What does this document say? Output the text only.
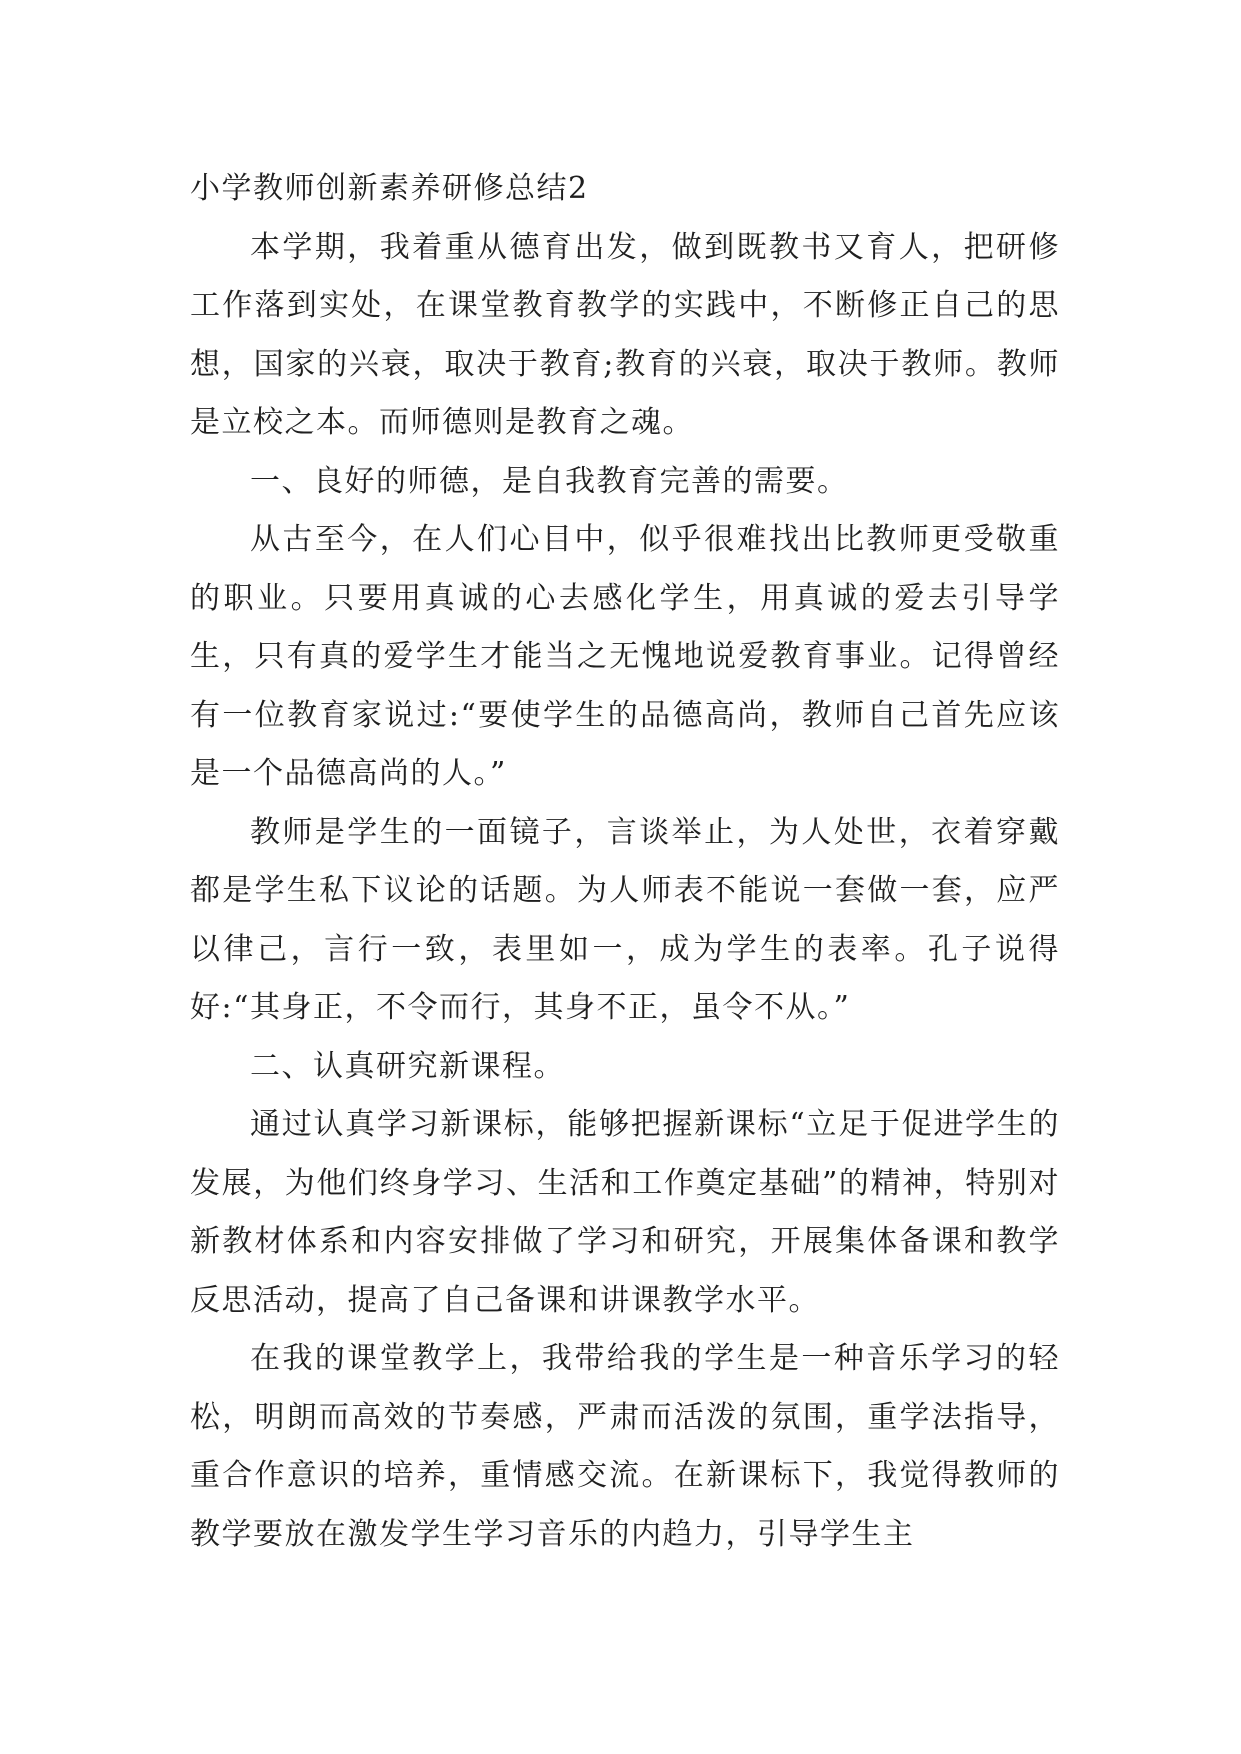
小学教师创新素养研修总结2

本学期，我着重从德育出发，做到既教书又育人，把研修工作落到实处，在课堂教育教学的实践中，不断修正自己的思想，国家的兴衰，取决于教育;教育的兴衰，取决于教师。教师是立校之本。而师德则是教育之魂。

一、良好的师德，是自我教育完善的需要。

从古至今，在人们心目中，似乎很难找出比教师更受敬重的职业。只要用真诚的心去感化学生，用真诚的爱去引导学生，只有真的爱学生才能当之无愧地说爱教育事业。记得曾经有一位教育家说过:“要使学生的品德高尚，教师自己首先应该是一个品德高尚的人。”

教师是学生的一面镜子，言谈举止，为人处世，衣着穿戴都是学生私下议论的话题。为人师表不能说一套做一套，应严以律己，言行一致，表里如一，成为学生的表率。孔子说得好:“其身正，不令而行，其身不正，虽令不从。”

二、认真研究新课程。

通过认真学习新课标，能够把握新课标“立足于促进学生的发展，为他们终身学习、生活和工作奠定基础”的精神，特别对新教材体系和内容安排做了学习和研究，开展集体备课和教学反思活动，提高了自己备课和讲课教学水平。

在我的课堂教学上，我带给我的学生是一种音乐学习的轻松，明朗而高效的节奏感，严肃而活泼的氛围，重学法指导，重合作意识的培养，重情感交流。在新课标下，我觉得教师的教学要放在激发学生学习音乐的内趋力，引导学生主
